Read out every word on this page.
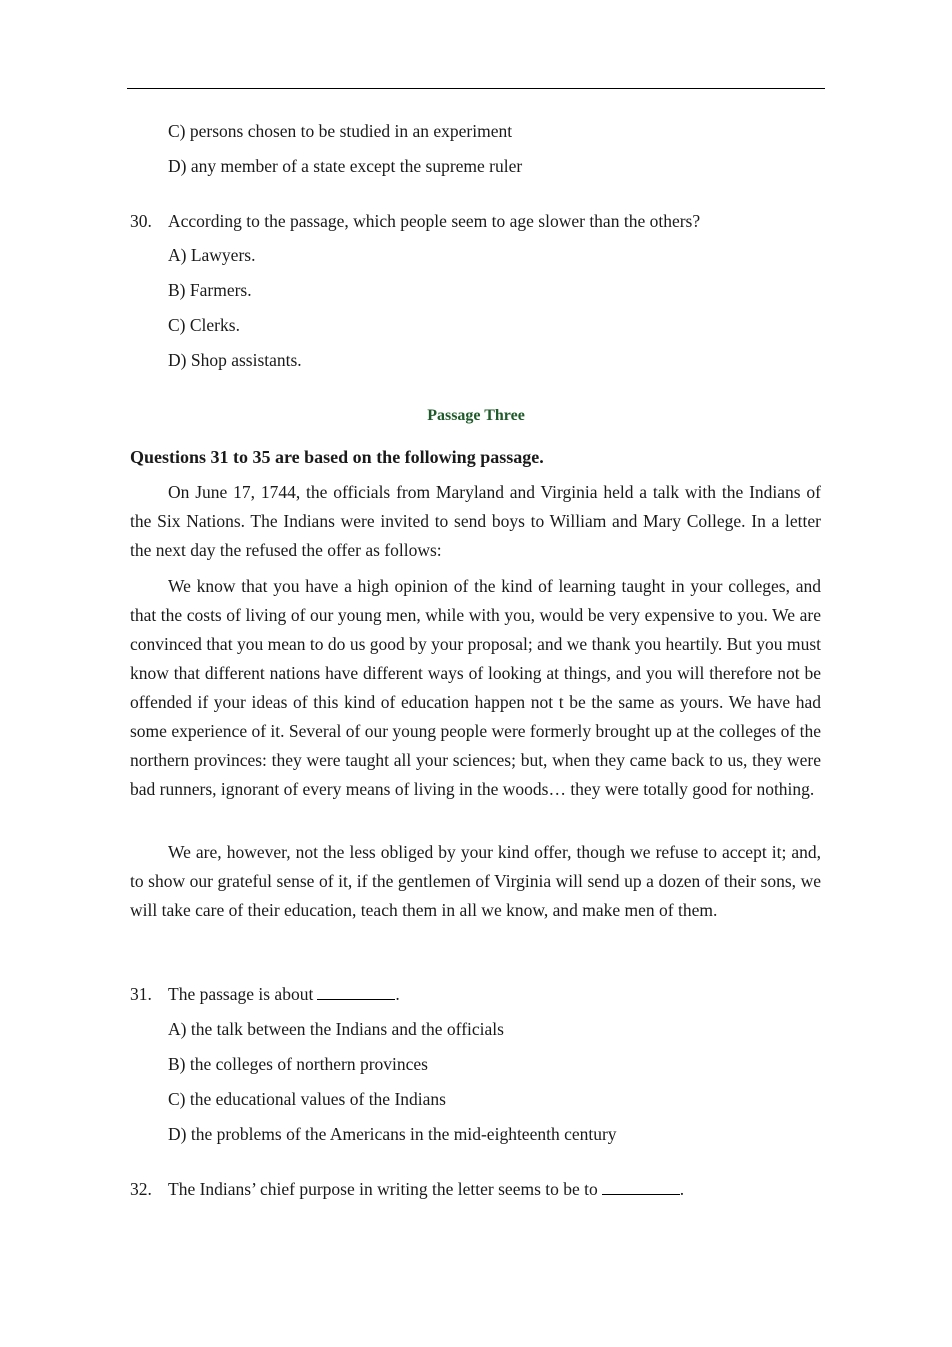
C) persons chosen to be studied in an experiment
D) any member of a state except the supreme ruler
30. According to the passage, which people seem to age slower than the others?
A) Lawyers.
B) Farmers.
C) Clerks.
D) Shop assistants.
Passage Three
Questions 31 to 35 are based on the following passage.

On June 17, 1744, the officials from Maryland and Virginia held a talk with the Indians of the Six Nations. The Indians were invited to send boys to William and Mary College. In a letter the next day the refused the offer as follows:

We know that you have a high opinion of the kind of learning taught in your colleges, and that the costs of living of our young men, while with you, would be very expensive to you. We are convinced that you mean to do us good by your proposal; and we thank you heartily. But you must know that different nations have different ways of looking at things, and you will therefore not be offended if your ideas of this kind of education happen not t be the same as yours. We have had some experience of it. Several of our young people were formerly brought up at the colleges of the northern provinces: they were taught all your sciences; but, when they came back to us, they were bad runners, ignorant of every means of living in the woods… they were totally good for nothing.

We are, however, not the less obliged by your kind offer, though we refuse to accept it; and, to show our grateful sense of it, if the gentlemen of Virginia will send up a dozen of their sons, we will take care of their education, teach them in all we know, and make men of them.

31. The passage is about	.
A) the talk between the Indians and the officials
B) the colleges of northern provinces
C) the educational values of the Indians
D) the problems of the Americans in the mid-eighteenth century
32. The Indians’ chief purpose in writing the letter seems to be to	.
